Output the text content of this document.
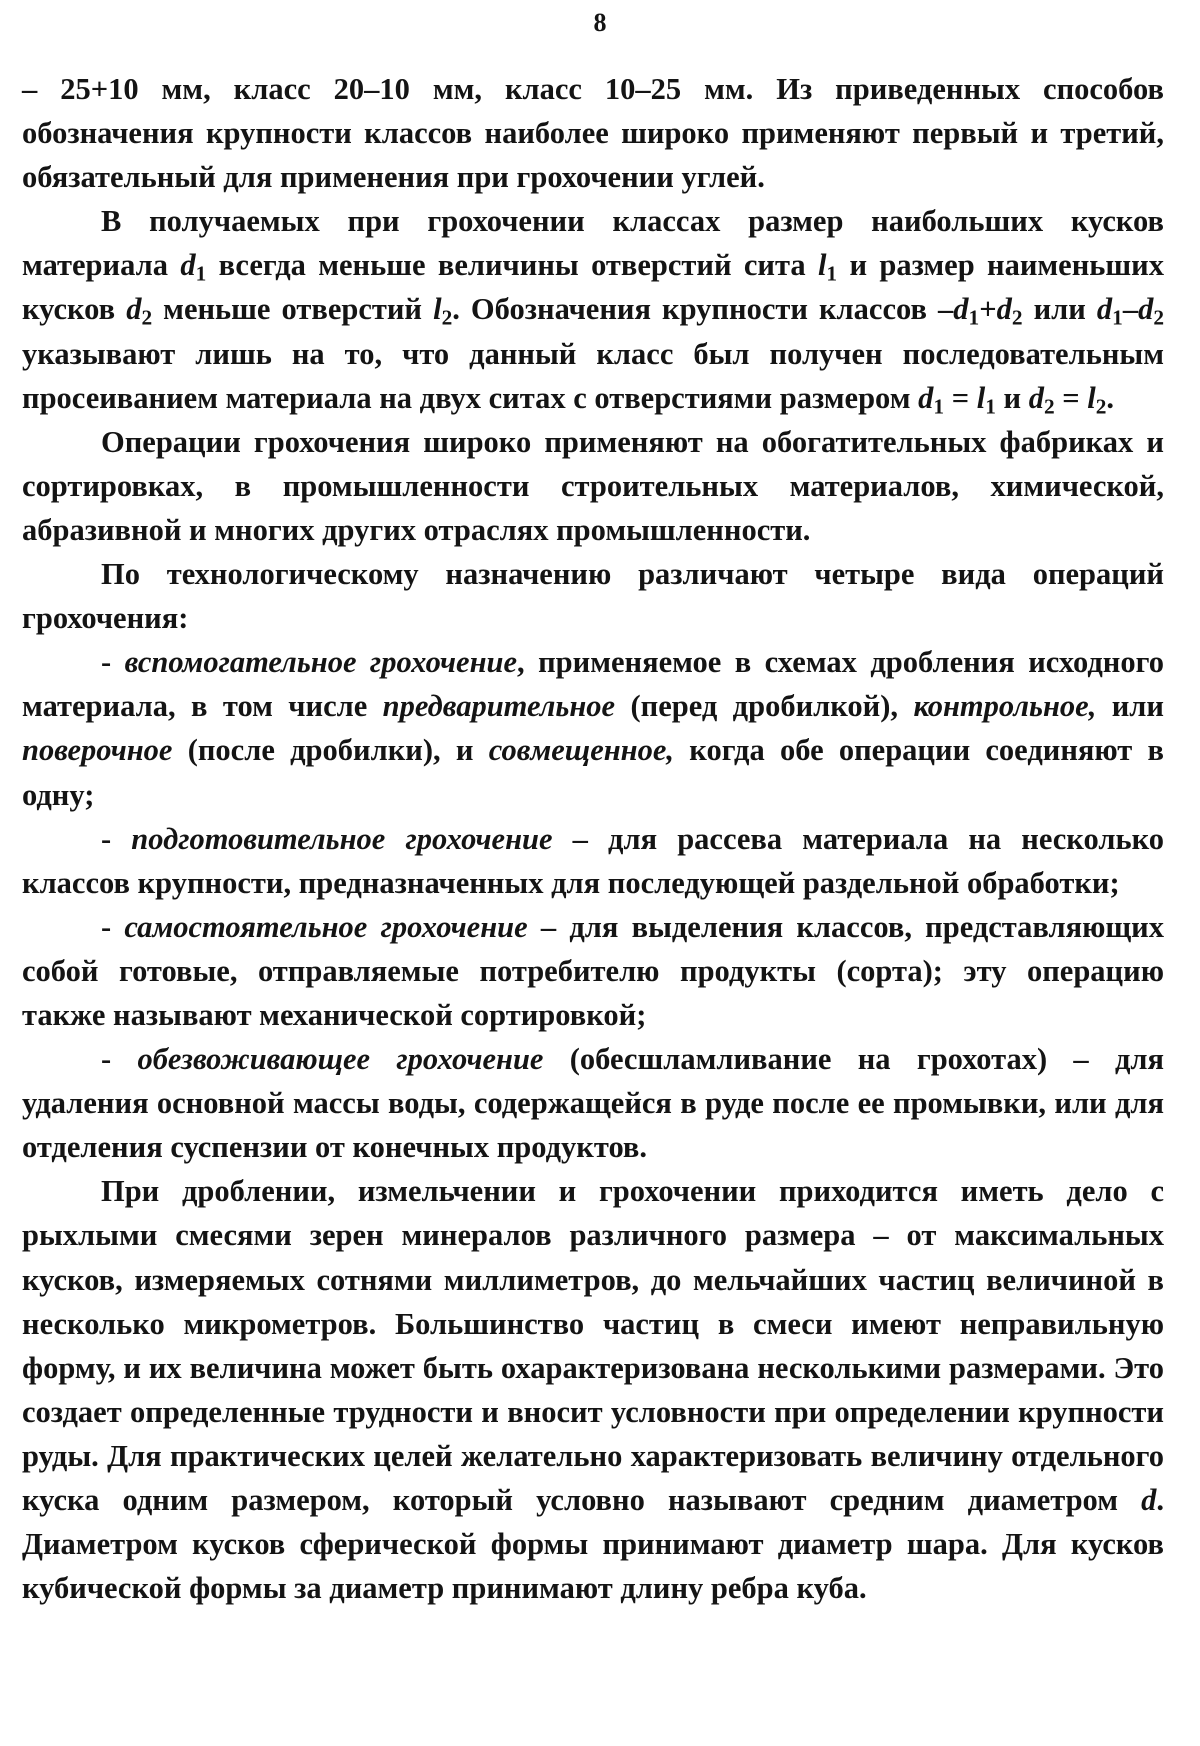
8

– 25+10 мм, класс 20–10 мм, класс 10–25 мм. Из приведенных способов обозначения крупности классов наиболее широко применяют первый и третий, обязательный для применения при грохочении углей.

В получаемых при грохочении классах размер наибольших кусков материала $d_1$ всегда меньше величины отверстий сита $l_1$ и размер наименьших кусков $d_2$ меньше отверстий $l_2$. Обозначения крупности классов $-d_1+d_2$ или $d_1-d_2$ указывают лишь на то, что данный класс был получен последовательным просеиванием материала на двух ситах с отверстиями размером $d_1 = l_1$ и $d_2 = l_2$.

Операции грохочения широко применяют на обогатительных фабриках и сортировках, в промышленности строительных материалов, химической, абразивной и многих других отраслях промышленности.

По технологическому назначению различают четыре вида операций грохочения:

- вспомогательное грохочение, применяемое в схемах дробления исходного материала, в том числе предварительное (перед дробилкой), контрольное, или поверочное (после дробилки), и совмещенное, когда обе операции соединяют в одну;

- подготовительное грохочение – для рассева материала на несколько классов крупности, предназначенных для последующей раздельной обработки;

- самостоятельное грохочение – для выделения классов, представляющих собой готовые, отправляемые потребителю продукты (сорта); эту операцию также называют механической сортировкой;

- обезвоживающее грохочение (обесшламливание на грохотах) – для удаления основной массы воды, содержащейся в руде после ее промывки, или для отделения суспензии от конечных продуктов.

При дроблении, измельчении и грохочении приходится иметь дело с рыхлыми смесями зерен минералов различного размера – от максимальных кусков, измеряемых сотнями миллиметров, до мельчайших частиц величиной в несколько микрометров. Большинство частиц в смеси имеют неправильную форму, и их величина может быть охарактеризована несколькими размерами. Это создает определенные трудности и вносит условности при определении крупности руды. Для практических целей желательно характеризовать величину отдельного куска одним размером, который условно называют средним диаметром d. Диаметром кусков сферической формы принимают диаметр шара. Для кусков кубической формы за диаметр принимают длину ребра куба.
